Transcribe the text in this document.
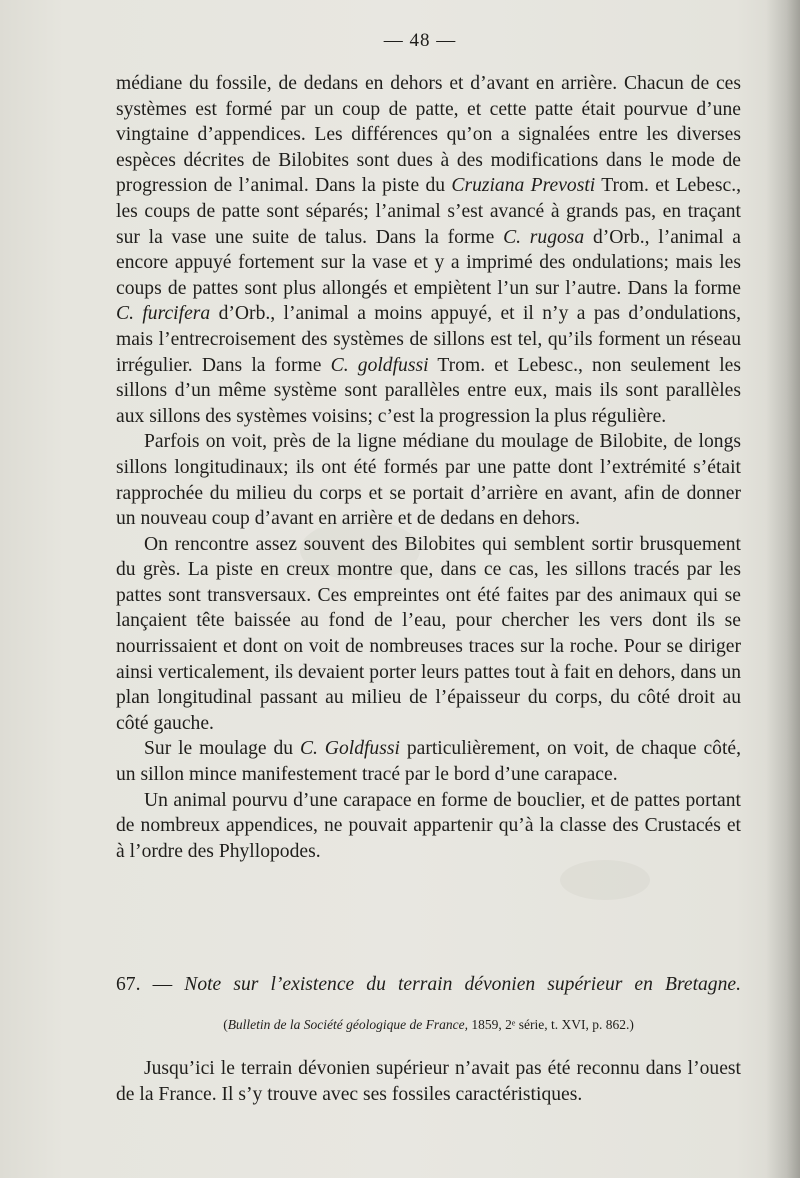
— 48 —

médiane du fossile, de dedans en dehors et d’avant en arrière. Chacun de ces systèmes est formé par un coup de patte, et cette patte était pourvue d’une vingtaine d’appendices. Les différences qu’on a signalées entre les diverses espèces décrites de Bilobites sont dues à des modifications dans le mode de progression de l’animal. Dans la piste du Cruziana Prevosti Trom. et Lebesc., les coups de patte sont séparés; l’animal s’est avancé à grands pas, en traçant sur la vase une suite de talus. Dans la forme C. rugosa d’Orb., l’animal a encore appuyé fortement sur la vase et y a imprimé des ondulations; mais les coups de pattes sont plus allongés et empiètent l’un sur l’autre. Dans la forme C. furcifera d’Orb., l’animal a moins appuyé, et il n’y a pas d’ondulations, mais l’entrecroisement des systèmes de sillons est tel, qu’ils forment un réseau irrégulier. Dans la forme C. goldfussi Trom. et Lebesc., non seulement les sillons d’un même système sont parallèles entre eux, mais ils sont parallèles aux sillons des systèmes voisins; c’est la progression la plus régulière.

Parfois on voit, près de la ligne médiane du moulage de Bilobite, de longs sillons longitudinaux; ils ont été formés par une patte dont l’extrémité s’était rapprochée du milieu du corps et se portait d’arrière en avant, afin de donner un nouveau coup d’avant en arrière et de dedans en dehors.

On rencontre assez souvent des Bilobites qui semblent sortir brusquement du grès. La piste en creux montre que, dans ce cas, les sillons tracés par les pattes sont transversaux. Ces empreintes ont été faites par des animaux qui se lançaient tête baissée au fond de l’eau, pour chercher les vers dont ils se nourrissaient et dont on voit de nombreuses traces sur la roche. Pour se diriger ainsi verticalement, ils devaient porter leurs pattes tout à fait en dehors, dans un plan longitudinal passant au milieu de l’épaisseur du corps, du côté droit au côté gauche.

Sur le moulage du C. Goldfussi particulièrement, on voit, de chaque côté, un sillon mince manifestement tracé par le bord d’une carapace.

Un animal pourvu d’une carapace en forme de bouclier, et de pattes portant de nombreux appendices, ne pouvait appartenir qu’à la classe des Crustacés et à l’ordre des Phyllopodes.

67. — Note sur l’existence du terrain dévonien supérieur en Bretagne.
(Bulletin de la Société géologique de France, 1859, 2ᵉ série, t. XVI, p. 862.)

Jusqu’ici le terrain dévonien supérieur n’avait pas été reconnu dans l’ouest de la France. Il s’y trouve avec ses fossiles caractéristiques.
